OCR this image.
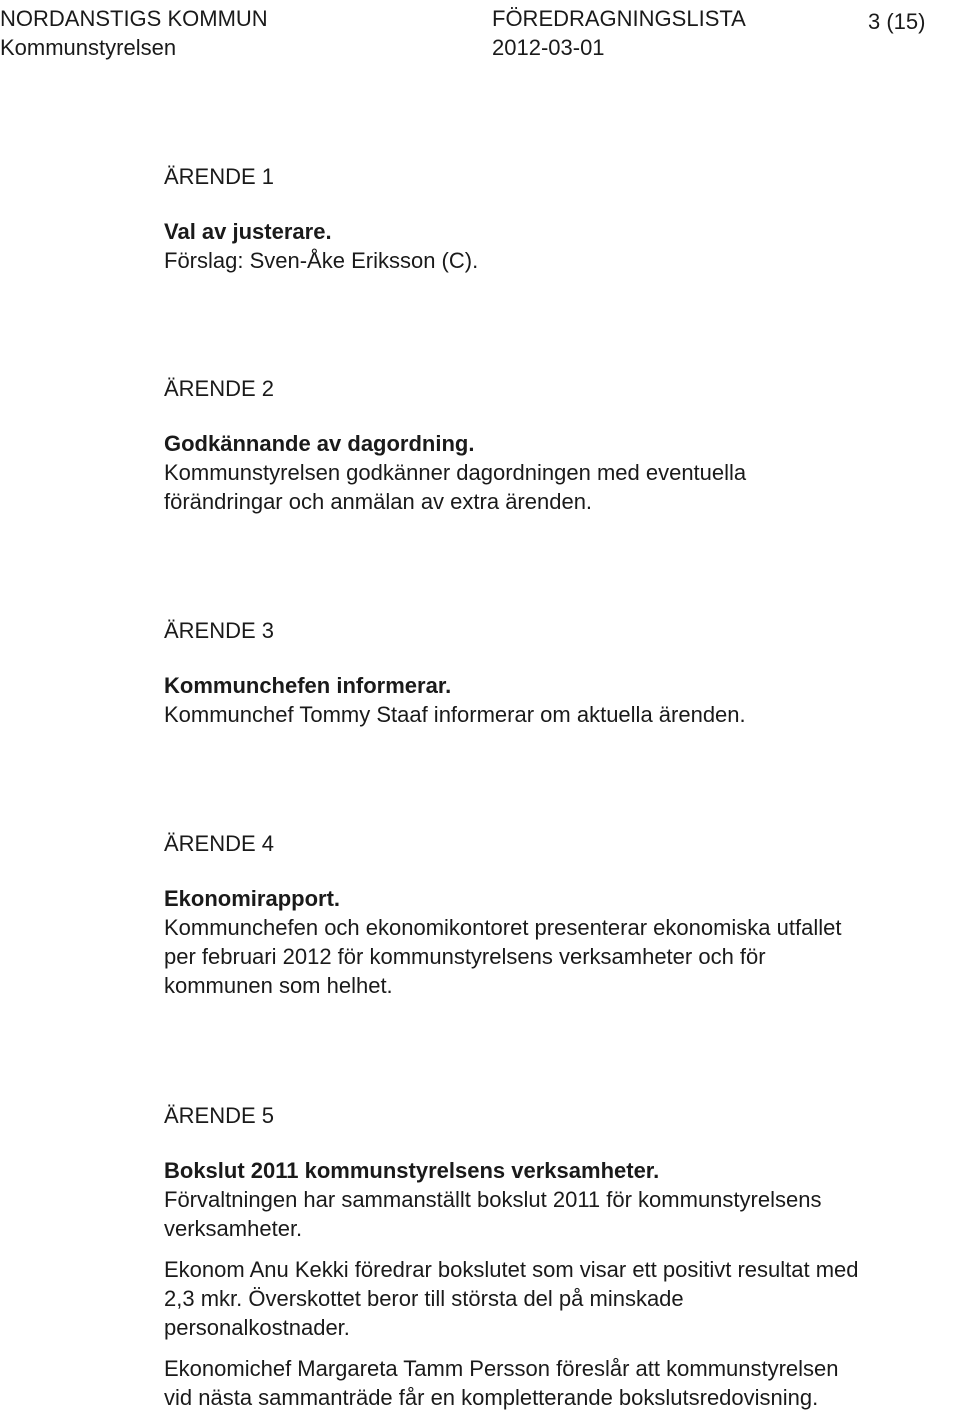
NORDANSTIGS KOMMUN	FÖREDRAGNINGSLISTA	3 (15)
Kommunstyrelsen	2012-03-01
ÄRENDE 1
Val av justerare.

Förslag: Sven-Åke Eriksson (C).

ÄRENDE 2
Godkännande av dagordning.

Kommunstyrelsen godkänner dagordningen med eventuella

förändringar och anmälan av extra ärenden.

ÄRENDE 3
Kommunchefen informerar.

Kommunchef Tommy Staaf informerar om aktuella ärenden.

ÄRENDE 4
Ekonomirapport.

Kommunchefen och ekonomikontoret presenterar ekonomiska utfallet

per februari 2012 för kommunstyrelsens verksamheter och för

kommunen som helhet.

ÄRENDE 5
Bokslut 2011 kommunstyrelsens verksamheter.

Förvaltningen har sammanställt bokslut 2011 för kommunstyrelsens

verksamheter.

Ekonom Anu Kekki föredrar bokslutet som visar ett positivt resultat med

2,3 mkr. Överskottet beror till största del på minskade

personalkostnader.

Ekonomichef Margareta Tamm Persson föreslår att kommunstyrelsen

vid nästa sammanträde får en kompletterande bokslutsredovisning.
